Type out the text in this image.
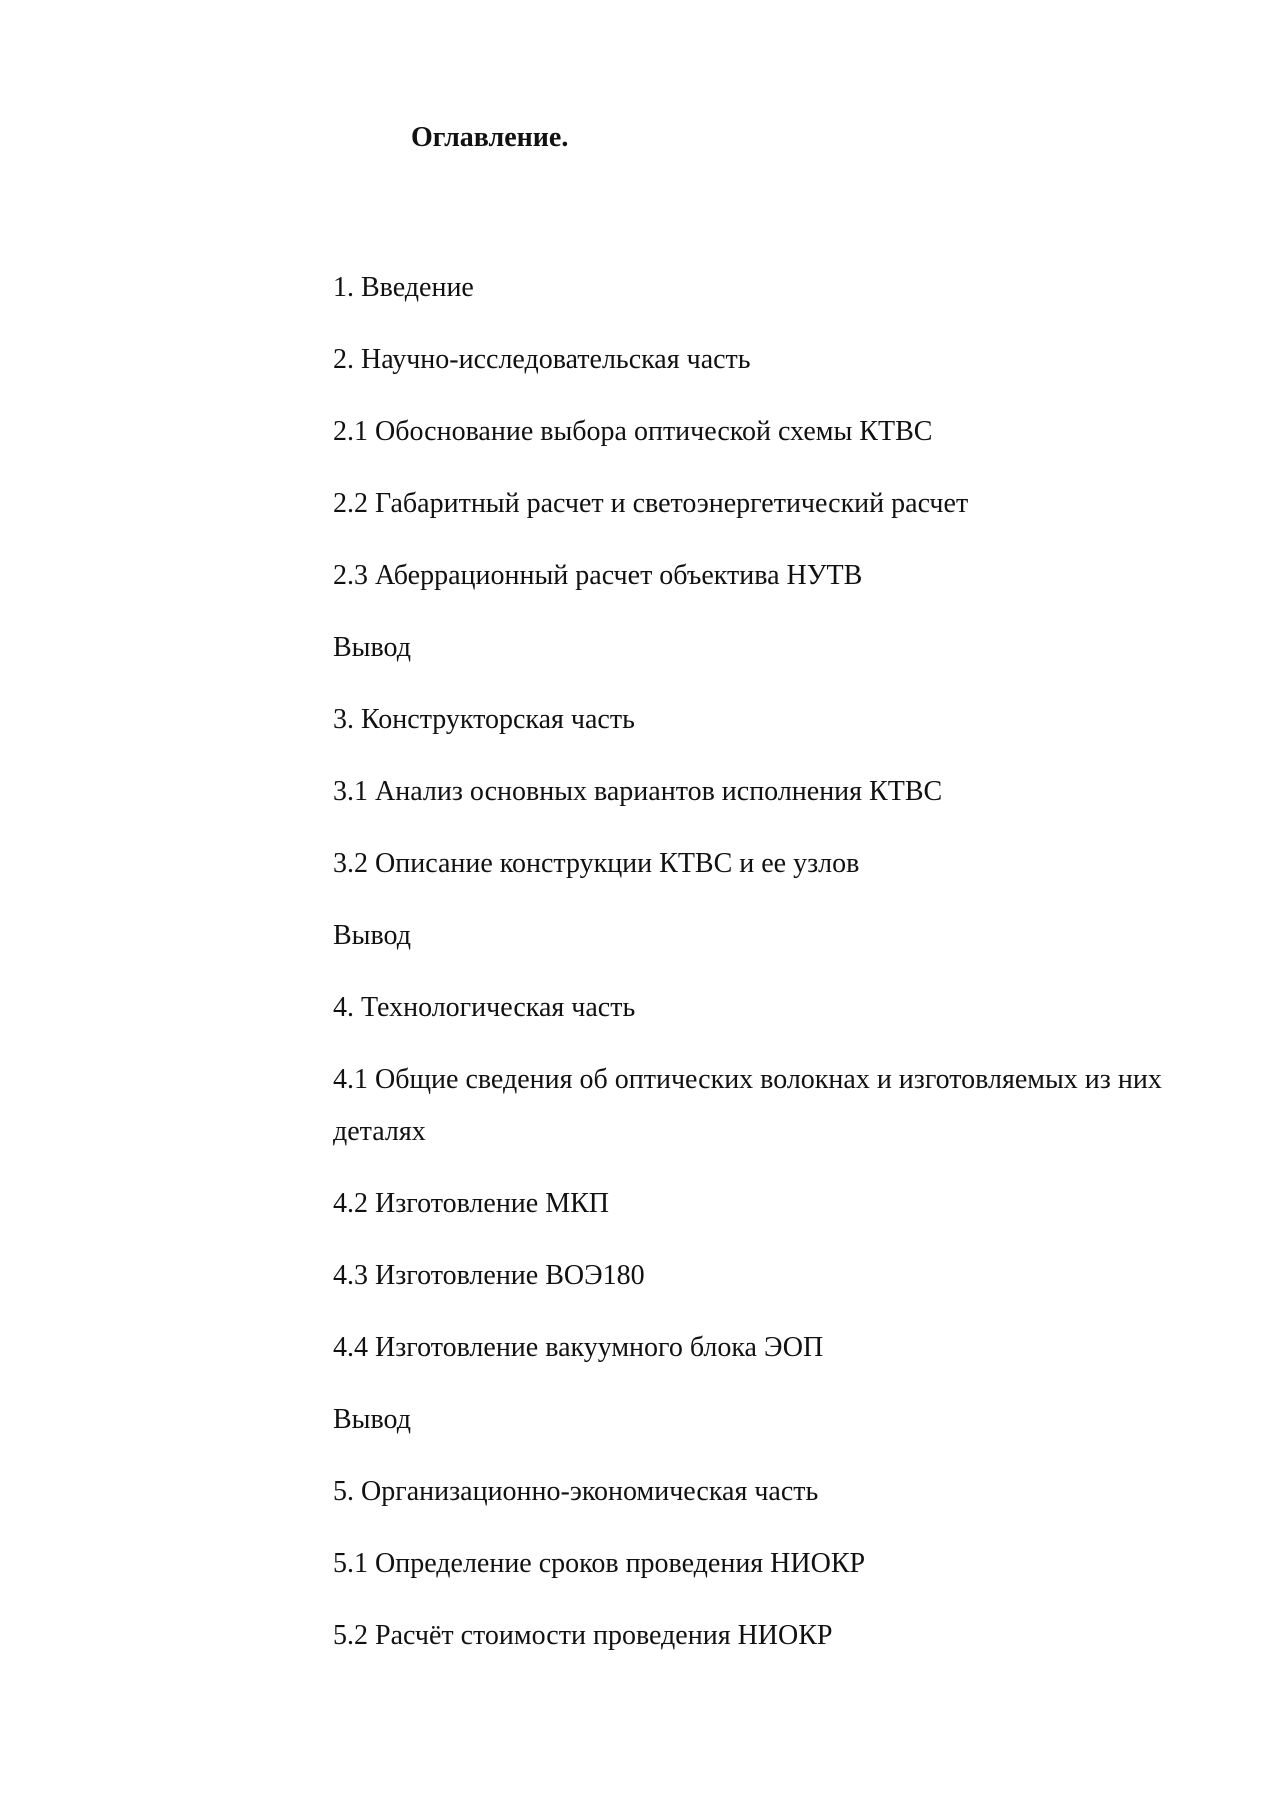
Оглавление.
1. Введение
2. Научно-исследовательская часть
2.1 Обоснование выбора оптической схемы КТВС
2.2 Габаритный расчет и светоэнергетический расчет
2.3 Аберрационный расчет объектива НУТВ
Вывод
3. Конструкторская часть
3.1 Анализ основных вариантов исполнения КТВС
3.2 Описание конструкции КТВС и ее узлов
Вывод
4. Технологическая часть
4.1 Общие сведения об оптических волокнах и изготовляемых из них деталях
4.2 Изготовление МКП
4.3 Изготовление ВОЭ180
4.4 Изготовление вакуумного блока ЭОП
Вывод
5. Организационно-экономическая часть
5.1 Определение сроков проведения НИОКР
5.2 Расчёт стоимости проведения НИОКР
